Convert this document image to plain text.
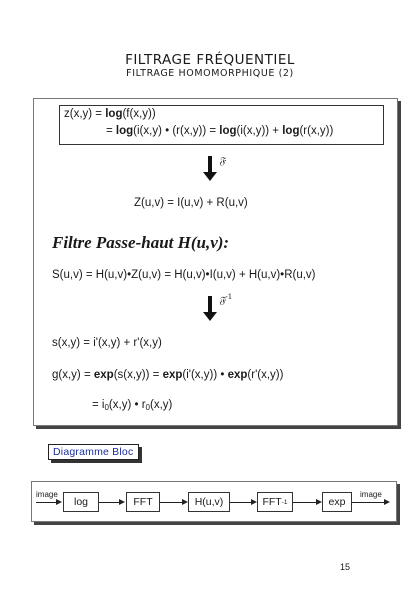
FILTRAGE FRÉQUENTIEL
FILTRAGE HOMOMORPHIQUE (2)
z(x,y) = log(f(x,y))
= log(i(x,y) • (r(x,y)) = log(i(x,y)) + log(r(x,y))
𝔉
Z(u,v) = I(u,v) + R(u,v)
Filtre Passe-haut H(u,v):
S(u,v) = H(u,v)•Z(u,v) = H(u,v)•I(u,v) + H(u,v)•R(u,v)
𝔉$^{-1}$
s(x,y) = i'(x,y) + r'(x,y)
g(x,y) = exp(s(x,y)) = exp(i'(x,y)) • exp(r'(x,y))
= $i_0(x,y)$ • $r_0(x,y)$
Diagramme Bloc
image
log	FFT	H(u,v)	FFT -1	exp
image
15
